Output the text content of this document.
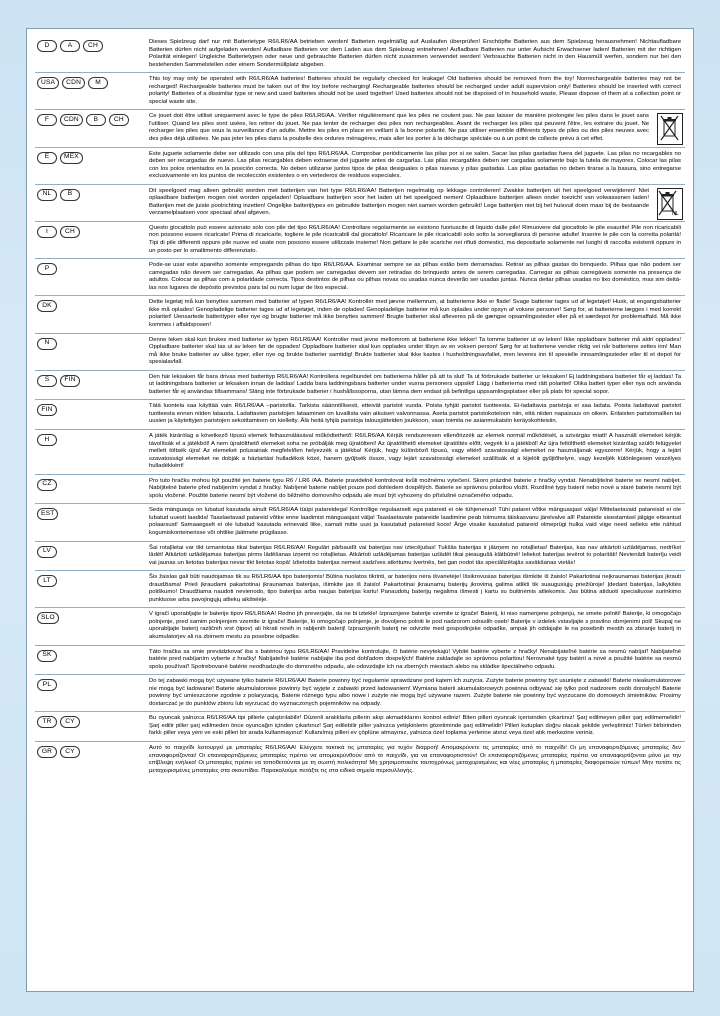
D	A	CH	Dieses Spielzeug darf nur mit Batterietype R6/LR6/AA betrieben werden! Batterien regelmäßig auf Auslaufen überprüfen! Erschöpfte Batterien aus dem Spielzeug herausnehmen! Nichtaufladbare Batterien dürfen nicht aufgeladen werden! Aufladbare Batterien vor dem Laden aus dem Spielzeug entnehmen! Aufladbare Batterien nur unter Aufsicht Erwachsener laden! Batterien mit der richtigen Polarität einlegen! Ungleiche Batterietypen oder neue und gebrauchte Batterien dürfen nicht zusammen verwendet werden! Verbrauchte Batterien nicht in den Hausmüll werfen, sondern nur bei den bestehenden Sammelstellen oder einem Sondermüllplatz abgeben.
USA	CDN	M	This toy may only be operated with R6/LR6/AA batteries! Batteries should be regularly checked for leakage! Old batteries should be removed from the toy! Nonrechargeable batteries may not be recharged! Rechargeable batteries must be taken out of the toy before recharging! Rechargeable batteries should be recharged under adult supervision only! Batteries should be inserted with correct polarity! Batteries of a dissimilar type or new and used batteries should not be used together! Used batteries should not be disposed of in household waste. Please dispose of them at a collection point or special waste site.
F	CDN	B	CH	Ce jouet doit être utilisé uniquement avec le type de piles R6/LR6/AA. Vérifier régulièrement que les piles ne coulent pas. Ne pas laisser de manière prolongée les piles dans le jouet sans l'utiliser. Quand les piles sont usées, les retirer du jouet. Ne pas tenter de recharger des piles non rechargeables. Avant de recharger les piles qui peuvent l'être, les extraire du jouet. Ne recharger les piles que sous la surveillance d'un adulte. Mettre les piles en place en veillant à la bonne polarité. Ne pas utiliser ensemble différents types de piles ou des piles neuves avec des piles déjà utilisées. Ne pas jeter les piles dans la poubelle des ordures ménagères, mais aller les porter à la décharge spéciale ou à un point de collecte prévu à cet effet.
E	MEX	Este juguete solamente debe ser utilizado con una pila del tipo R6/LR6/AA. Comprobar periódicamente las pilas por si se salen. Sacar las pilas gastadas fuera del juguete. Las pilas no recargables no deben ser recargadas de nuevo. Las pilas recargables deben extraerse del juguete antes de cargarlas. Las pilas recargables deben ser cargadas solamente bajo la tutela de mayores. Colocar las pilas con los polos orientados en la posición correcta. No deben utilizarse juntos tipos de pilas desiguales o pilas nuevas y pilas gastadas. Las pilas gastadas no deben tirarse a la basura, sino entregarse exclusivamente en los puntos de recolección existentes o en vertederos de residuos especiales.
NL	B	Dit speelgoed mag alleen gebruikt worden met batterijen van het type R6/LR6/AA! Batterijen regelmatig op lekkage controleren! Zwakke batterijen uit het speelgoed verwijderen! Niet oplaadbare batterijen mogen niet worden opgeladen! Oplaadbare batterijen voor het laden uit het speelgoed nemen! Oplaadbare batterijen alleen onder toezicht van volwassenen laden! Batterijen met de juiste poolrichting inzetten! Ongelijke batterijtypes en gebruikte batterijen mogen niet samen worden gebruikt! Lege batterijen niet bij het huisvuil doen maar bij de bestaande verzamelplaatsen voor speciaal afval afgeven.	NL
I	CH	Questo giocattolo può essere azionato solo con pile del tipo R6/LR6/AA! Controllare regolarmente se esistono fuoriuscite di liquido dalle pile! Rimuovere dal giocattolo le pile esaurite! Pile non ricaricabili non possono essere ricaricate! Prima di ricaricarle, togliere le pile ricaricabili dal giocattolo! Ricaricare le pile ricaricabili solo sotto la sorveglianza di persone adulte! Inserire le pile con la corretta polarità! Tipi di pile differenti oppure pile nuove ed usate non possono essere utilizzate insieme! Non gettare le pile scariche nei rifiuti domestici, ma depositarle solamente nei luoghi di raccolta esistenti oppure in un posto per lo smaltimento differenziato.
P	Pode-se usar este aparelho somente empregando pilhas do tipo R6/LR6/AA. Examinar sempre se as pilhas estão bem derramadas. Retirar as pilhas gastas do brinquedo. Pilhas que não podem ser carregadas não devem ser carregadas. As pilhas que podem ser carregadas devem ser retiradas do brinquedo antes de serem carregadas. Carregar as pilhas carregáveis somente na presença de adultos. Colocar as pilhas com a polaridade correcta. Tipos destintos de pilhas ou pilhas novas ou usadas nunca deverão ser usadas juntas. Nunca deitar pilhas usadas no lixo doméstico, mas sim deitá-las nos lugares de depósito previstos para tal ou num lugar de lixo especial.
DK	Dette legetøj må kun benyttes sammen med batterier af typen R6/LR6/AA! Kontrollér med jævne mellemrum, at batterierne ikke er flade! Svage batterier tages ud af legetøjet! Husk, at engangsbatterier ikke må oplades! Genopladelige batterier tages ud af legetøjet, inden de oplades! Genopladelige batterier må kun oplades under opsyn af voksne personer! Sørg for, at batterierne lægges i med korrekt polaritet! Uensartede batterityper eller nye og brugte batterier må ikke benyttes sammen! Brugte batterier skal afleveres på de gængse opsamlingssteder eller på et særdepot for problemaffald. Må ikke kommes i affaldsposen!
N	Denne leken skal kun brukes med batterier av typen R6/LR6/AA! Kontroller med jevne mellomrom at batteriene ikke lekker! Ta tomme batterier ut av leken! Ikke oppladbare batterier må aldri opplades! Oppladbare batterier skal tas ut av leken før de oppades! Oppladbare batterier skal kun opplades under tilsyn av en voksen person! Sørg for at batteriene vender riktig vei når batteriene settes inn! Man må ikke bruke batterier av ulike typer, eller nye og brukte batterier samtidig! Brukte batterier skal ikke kastes i husholdningsavfallet, men leveres inn til spesielle innsamlingssteder eller til et depot for spesialavfall.
S	FIN	Den här leksaken får bara drivas med batterityp R6/LR6/AA! Kontrollera regelbundet om batterierna håller på att ta slut! Ta ut förbrukade batterier ur leksaken! Ej laddningsbara batterier får ej laddas! Ta ut laddningsbara batterier ur leksaken innan de laddas! Ladda bara laddningsbara batterier under vuxna personers uppsikt! Lägg i batterierna med rätt polaritet! Olika batteri typer eller nya och använda batterier får ej användas tillsammans! Släng inte förbrukade batterier i hushållssoporna, utan lämna dem endast på befintliga uppsamlingsplatser eller på plats för special sopor.
FIN	Tätä luontela saa käyttää vain R6/LR6/AA –paristoilla. Tarkista säännöllisesti, etteivät paristot vuoda. Poista tyhjät paristot tuotteesta. Ei-ladattavia paristoja ei saa ladata. Poista ladattavat paristot tuotteesta ennen niiden latausta. Ladattavien paristojen lataaminen on luvallista vain aikuisen valvonnassa. Aseta paristot paristokoteloon niin, että niiden napaisuus on oikein. Erilaisten paristomallien tai uusien ja käytettyjen paristojen sekoittaminen on kielletty. Älä heitä tyhjiä paristoja talousjätteiden joukkoon, vaan toimita ne asianmukaisiin keräyskohteisiin.
H	A játék kizárólag a következő típusú elemek felhasználásával működtethető: R6/LR6/AA Kérjük rendszeresen ellenőrizzék az elemek normál működését, a szivárgás miatt! A használt elemeket kérjük távolítsák el a játékból! A nem újratölthető elemeket soha ne próbálják meg újratölteni! Az újratölthető elemeket újratöltés előtt, vegyék ki a játékból! Az újra feltölthető elemeket kizárólag szülői felügyelet mellett töltsék újra! Az elemeket polusainak megfelelően helyezzék a játékba! Kérjük, hogy különböző típusú, vagy eltérő szavatossági elemeket ne használjanak egyszerre! Kérjük, hogy a lejárt szavatossági elemeket ne dobják a háztartási hulladékok közé, hanem gyűjtsék össze, vagy lejárt szavatossági elemeket szállítsák el a kijelölt gyűjtőhelyre, vagy kezeljék különlegesen veszélyes hulladékként!
CZ	Pro tuto hračku mohou být použité jen baterie typu R6 / LR6 /AA. Baterie pravidelně kontrolovat kvůli možnému vytečení. Skoro prázdné baterie z hračky vyndat. Nenabíjitelné baterie se nesmí nabíjet. Nabíjitelné baterie před nabíjením vyndat z hračky. Nabíjené baterie nabíjet pouze pod dohledem dospělých. Baterie se správnou polaritou vložit. Rozdílné typy baterií nebo nové a staré baterie nesmí být spolu vložené. Použité baterie nesmí být vložené do běžného domovního odpadu ale musí být vyhozeny do příslušné označeného odpadu.
EST	Seda mänguasja on lubatud kasutada ainult R6/LR6/AA tüüpi patareidega! Kontrollige regulaarselt ega patareid ei ole tühjenenud! Tühi patarei võtke mänguasjast välja! Mittelaetavaid patareisid ei ole lubatud uuesti laadida! Taaslaetavad patareid võtke enne laadimist mänguasjast välja! Taaslaetavate patareide laadimine peab toimuma täiskasvanu järelvalve all! Patareide sisestamisel jälgige etteantud polaarsust! Samaaegselt ei ole lubatud kasutada erinevaid liike, samati mitte uusi ja kasutatud patareisid koos! Ärge visake kasutatud patareid olmeprügi hulka vaid viige need selleks ette nähtud kogumiskonteinerisse või ohtlike jäätmete prügilasse.
LV	Šai rotaļlietai var tikt izmantotas tikai baterijas R6/LR6/AA! Regulāri pārbaudīt vai baterijas nav iztecējušas! Tukšās baterijas ir jāizņem no rotaļlietas! Baterijas, kas nav atkārtoti uzlādējamas, nedrīkst lādēt! Atkārtoti uzlādējamas baterijas pirms lādēšanas izņemt no rotaļlietas. Atkārtoti uzlādējamas baterijas uzlādēt tikai pieaugušā klātbūtnē! Ieliekot baterijas ievērot to polaritāti! Nevienādi baterīju veidi vai jaunas un lietotas baterijas nevar tikt lietotas kopā! Izlietotās baterijas nemest sadzīves atkritumu tvertnēs, bet gan nodot tās speciālizētajās savākšanas vietās!
LT	Šis žaislas gali būti naudojamas tik su R6/LR6/AA tipo baterijomis! Būtina nuolatos tikrinti, ar baterijos nėra išvarietėje! Išsikrovusias baterijas išimkite iš žaislo! Pakartotinai neįkraunamas baterijas įkrauti draudžiama! Prieš įkraudami pakartotinai įkraunamas baterijas, išimkite jas iš žaislo! Pakartotinai įkraunamų baterijų įkrovimą galima atlikti tik suaugusiųjų priežiūroje! Įdedant baterijas, laikykitės poliškumo! Draudžiama naudoti nevienodo, tipo baterijas arba naujas baterijas kartu! Panaudotų baterijų negalima išmesti į kartu su buitinėmis atliekomis. Jas būtina atiduoti specialiuose surinkimo punktuose arba pavojingųjų atliekų aikštelėje.
SLO	V igrači uporabljajte le baterije tipov R6/LR6/AA! Redno jih preverjajte, da ne bi iztekle! Izpraznjene baterije vzemite iz igrače! Baterij, ki niso namenjene polnjenju, ne smete polniti! Baterije, ki omogočajo polnjenje, pred samim polnjenjem vzemite iz igrače! Baterije, ki omogočajo polnjenje, je dovoljeno polniti le pod nadzorom odraslih oseb! Baterije v izdelek vstavljajte s pravilno obrnjenimi poli! Skupaj ne uporabljajte baterij različnih vrst (tipov) ali hkrati novih in rabljenih baterij! Izpraznjenih baterij ne odvrzite med gospodinjske odpadke, ampak jih oddajajte le na posebnih mestih za zbiranje baterij in akumulatorjev ali na zbirnem mestu za posebne odpadke.
SK	Táto hračka sa smie prevádzkovať iba s batériou typu R6/LR6/AA! Pravidelne kontrolujte, či batérie nevytekajú! Vybité batérie vyberte z hračky! Nenabíjateľné batérie sa nesmú nabíjať! Nabíjateľné batérie pred nabíjaním vyberte z hračky! Nabíjateľné batérie nabíjajte iba pod dohľadom dospelých! Batérie zakladajte so správnou polaritou! Nerovnaké typy batérií a nové a použité batérie sa nesmú spolu používať! Spotrebované batérie neodhadzujte do domového odpadu, ale odovzdajte ich na zberných miestach alebo na skládke špeciálneho odpadu.
PL	Do tej zabawki mogą być używane tylko baterie R6/LR6/AA! Baterie powinny być regularnie sprawdzane pod kątem ich zużycia. Zużyte baterie powinny być usunięte z zabawki! Baterie nieakumulatorowe nie mogą być ładowane! Baterie akumulatorowe powinny być wyjęte z zabawki przed ładowaniem! Wymiana baterii akumulatorowych powinna odbywać się tylko pod nadzorem osób dorosłych! Baterie powinny być umieszczone zgodnie z polaryzacją. Baterie różnego typu albo nowe i zużyte nie mogą być używane razem. Zużyte baterie nie powinny być wyrzucane do domowych śmietników. Prosimy dostarczać je do punktów zbioru lub wyrzucać do wyznaczonych pojemników na odpady.
TR	CY	Bu oyuncak yalnızca R6/LR6/AA tipi pillerle çalıştırılabilir! Düzenli aralıklarla pillerin akıp akmadıklarını kontrol ediniz! Biten pilleri oyuncak içerisinden çıkartınız! Şarj edilmeyen piller şarj edilmemelidir! Şarj edilir piller şarj edilmeden önce oyuncağın içinden çıkartınız! Şarj edilebilir piller yalnızca yetişkinlerin gözetiminde şarj edilmelidir! Pilleri kutuplan doğru olacak şekilde yerleştiriniz! Türleri birbirinden farklı piller veya yeni ve eski pilleri bir arada kullanmayınız! Kullanılmış pilleri ev çöplüne atmayınız, yalnızca özel toplama yerlerine atınız veya özel atık merkezine veriniz.
GR	CY	Αυτό το παιχνίδι λειτουργεί με μπαταρίες R6/LR6/AA! Ελέγχετε τακτικά τις μπαταρίες για τυχόν διαρροή! Απομακρύνετε τις μπαταρίες από το παιχνίδι! Οι μη επαναφορτιζόμενες μπαταρίες δεν επαναφορτίζονται! Οι επαναφορτιζόμενες μπαταρίες πρέπει να απομακρύνθούν από το παιχνίδι, για να επαναφορτιστούν! Οι επαναφορτιζόμενες μπαταρίες πρέπει να επαναφορτίζονται μόνο με την επίβλεψη ενήλικα! Οι μπαταρίες πρέπει να τοποθετούνται με τη σωστή πολικότητα! Μη χρησιμοποιείτε ταυτοχρόνως μεταχειρισμένες και νέες μπαταρίες ή μπαταρίες διαφορετικών τύπων! Μην πετάτε τις μεταχειρισμένες μπαταρίες στα σκουπίδια. Παρακαλούμε πετάξτε τις στα ειδικά σημεία περισυλλογής.
